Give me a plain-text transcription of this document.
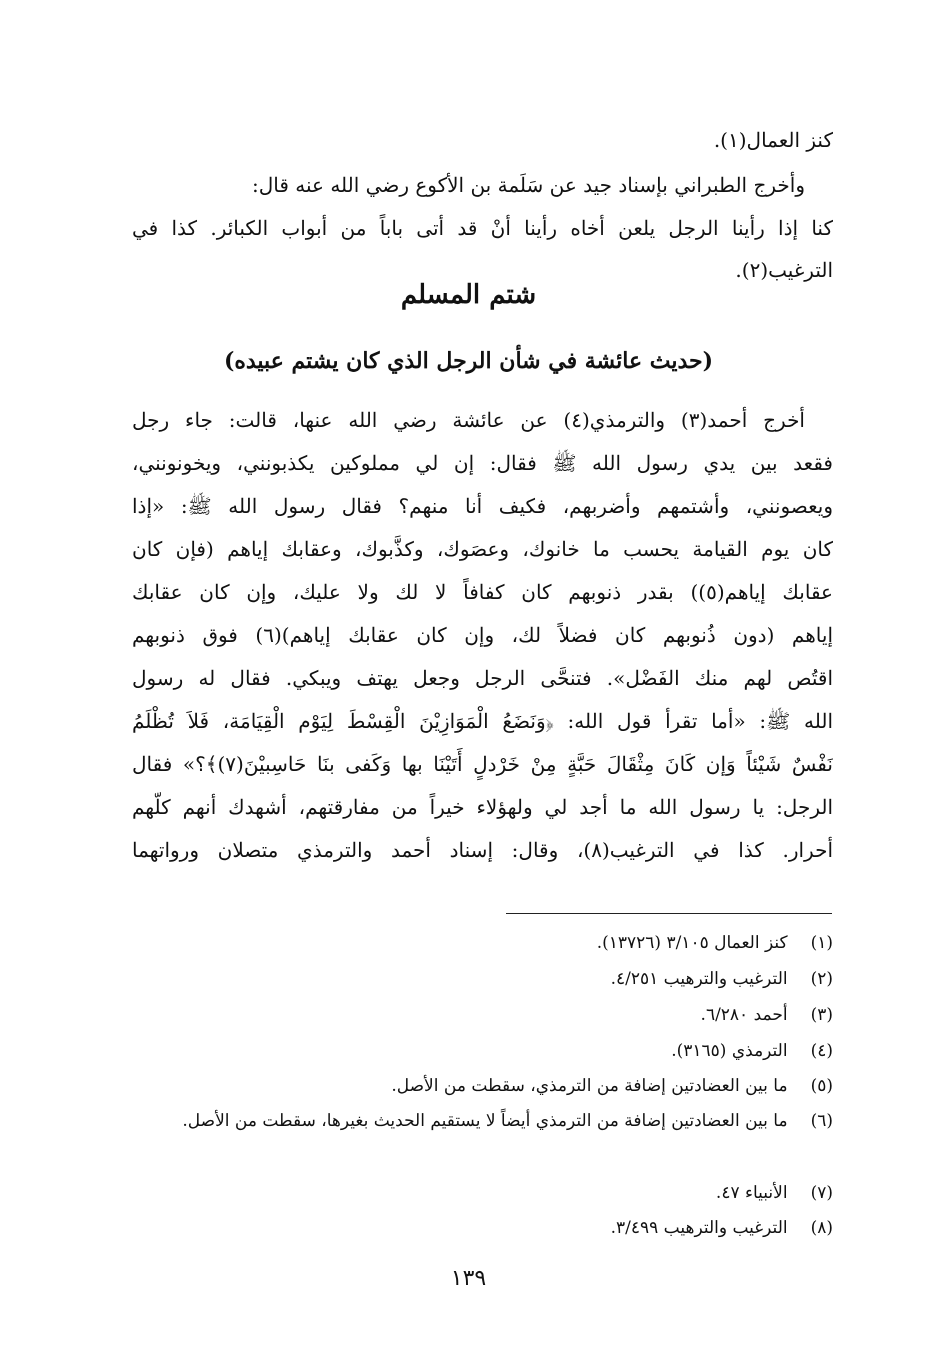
كنز العمال(١).
وأخرج الطبراني بإسناد جيد عن سَلَمة بن الأكوع رضي الله عنه قال:
كنا إذا رأينا الرجل يلعن أخاه رأينا أنْ قد أتى باباً من أبواب الكبائر. كذا في
الترغيب(٢).
شتم المسلم
(حديث عائشة في شأن الرجل الذي كان يشتم عبيده)
أخرج أحمد(٣) والترمذي(٤) عن عائشة رضي الله عنها، قالت: جاء رجل
فقعد بين يدي رسول الله ﷺ فقال: إن لي مملوكين يكذبونني، ويخونونني،
ويعصونني، وأشتمهم وأضربهم، فكيف أنا منهم؟ فقال رسول الله ﷺ: «إذا
كان يوم القيامة يحسب ما خانوك، وعصَوك، وكذَّبوك، وعقابك إياهم (فإن كان
عقابك إياهم(٥)) بقدر ذنوبهم كان كفافاً لا لك ولا عليك، وإن كان عقابك
إياهم (دون ذُنوبهم كان فضلاً لك، وإن كان عقابك إياهم)(٦) فوق ذنوبهم
اقتُص لهم منك الفَضْل». فتنحَّى الرجل وجعل يهتف ويبكي. فقال له رسول
الله ﷺ: «أما تقرأ قول الله: ﴿وَنَضَعُ الْمَوَازِيْنَ الْقِسْطَ لِيَوْم الْقِيَامَة، فَلاَ تُظْلَمُ
نَفْسٌ شَيْئاً وَإن كَانَ مِثْقَالَ حَبَّةٍ مِنْ خَرْدلٍ أَتَيْنَا بها وَكَفى بنَا حَاسِبيْنَ(٧)﴾؟» فقال
الرجل: يا رسول الله ما أجد لي ولهؤلاء خيراً من مفارقتهم، أشهدك أنهم كلّهم
أحرار. كذا في الترغيب(٨)، وقال: إسناد أحمد والترمذي متصلان ورواتهما
(١) كنز العمال ٣/١٠٥ (١٣٧٢٦).
(٢) الترغيب والترهيب ٤/٢٥١.
(٣) أحمد ٦/٢٨٠.
(٤) الترمذي (٣١٦٥).
(٥) ما بين العضادتين إضافة من الترمذي، سقطت من الأصل.
(٦) ما بين العضادتين إضافة من الترمذي أيضاً لا يستقيم الحديث بغيرها، سقطت من الأصل.
(٧) الأنبياء ٤٧.
(٨) الترغيب والترهيب ٣/٤٩٩.
١٣٩
